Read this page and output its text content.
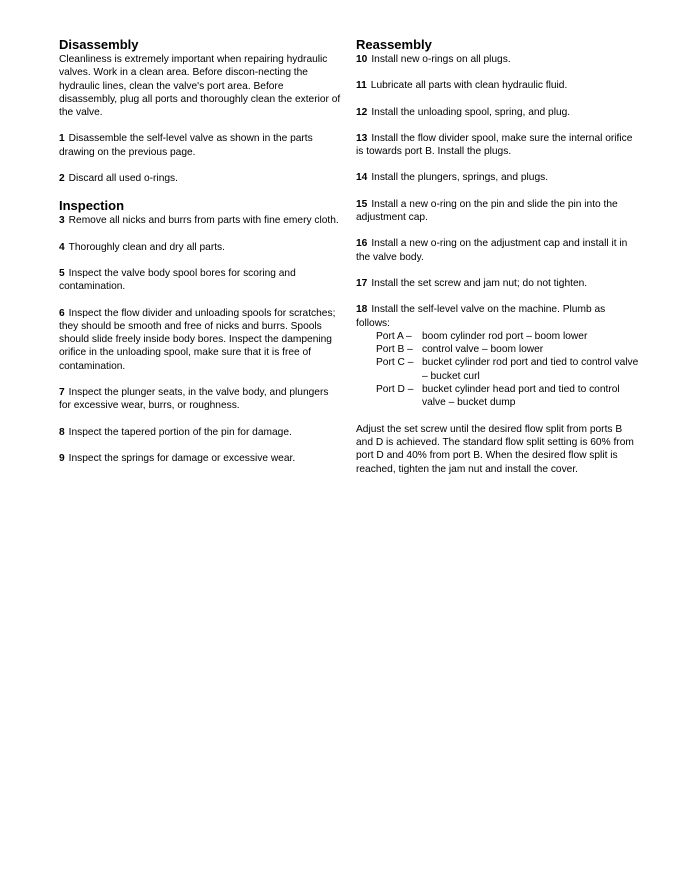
Disassembly

Cleanliness is extremely important when repairing hydraulic valves. Work in a clean area. Before discon-necting the hydraulic lines, clean the valve's port area. Before disassembly, plug all ports and thoroughly clean the exterior of the valve.

1 Disassemble the self-level valve as shown in the parts drawing on the previous page.

2 Discard all used o-rings.

Inspection

3 Remove all nicks and burrs from parts with fine emery cloth.

4 Thoroughly clean and dry all parts.

5 Inspect the valve body spool bores for scoring and contamination.

6 Inspect the flow divider and unloading spools for scratches; they should be smooth and free of nicks and burrs. Spools should slide freely inside body bores. Inspect the dampening orifice in the unloading spool, make sure that it is free of contamination.

7 Inspect the plunger seats, in the valve body, and plungers for excessive wear, burrs, or roughness.

8 Inspect the tapered portion of the pin for damage.

9 Inspect the springs for damage or excessive wear.

Reassembly

10 Install new o-rings on all plugs.

11 Lubricate all parts with clean hydraulic fluid.

12 Install the unloading spool, spring, and plug.

13 Install the flow divider spool, make sure the internal orifice is towards port B. Install the plugs.

14 Install the plungers, springs, and plugs.

15 Install a new o-ring on the pin and slide the pin into the adjustment cap.

16 Install a new o-ring on the adjustment cap and install it in the valve body.

17 Install the set screw and jam nut; do not tighten.

18 Install the self-level valve on the machine. Plumb as follows:

Port A –	boom cylinder rod port – boom lower
Port B – control valve – boom lower
Port C – bucket cylinder rod port and tied to control valve – bucket curl
Port D – bucket cylinder head port and tied to control valve – bucket dump

Adjust the set screw until the desired flow split from ports B and D is achieved. The standard flow split setting is 60% from port D and 40% from port B. When the desired flow split is reached, tighten the jam nut and install the cover.
